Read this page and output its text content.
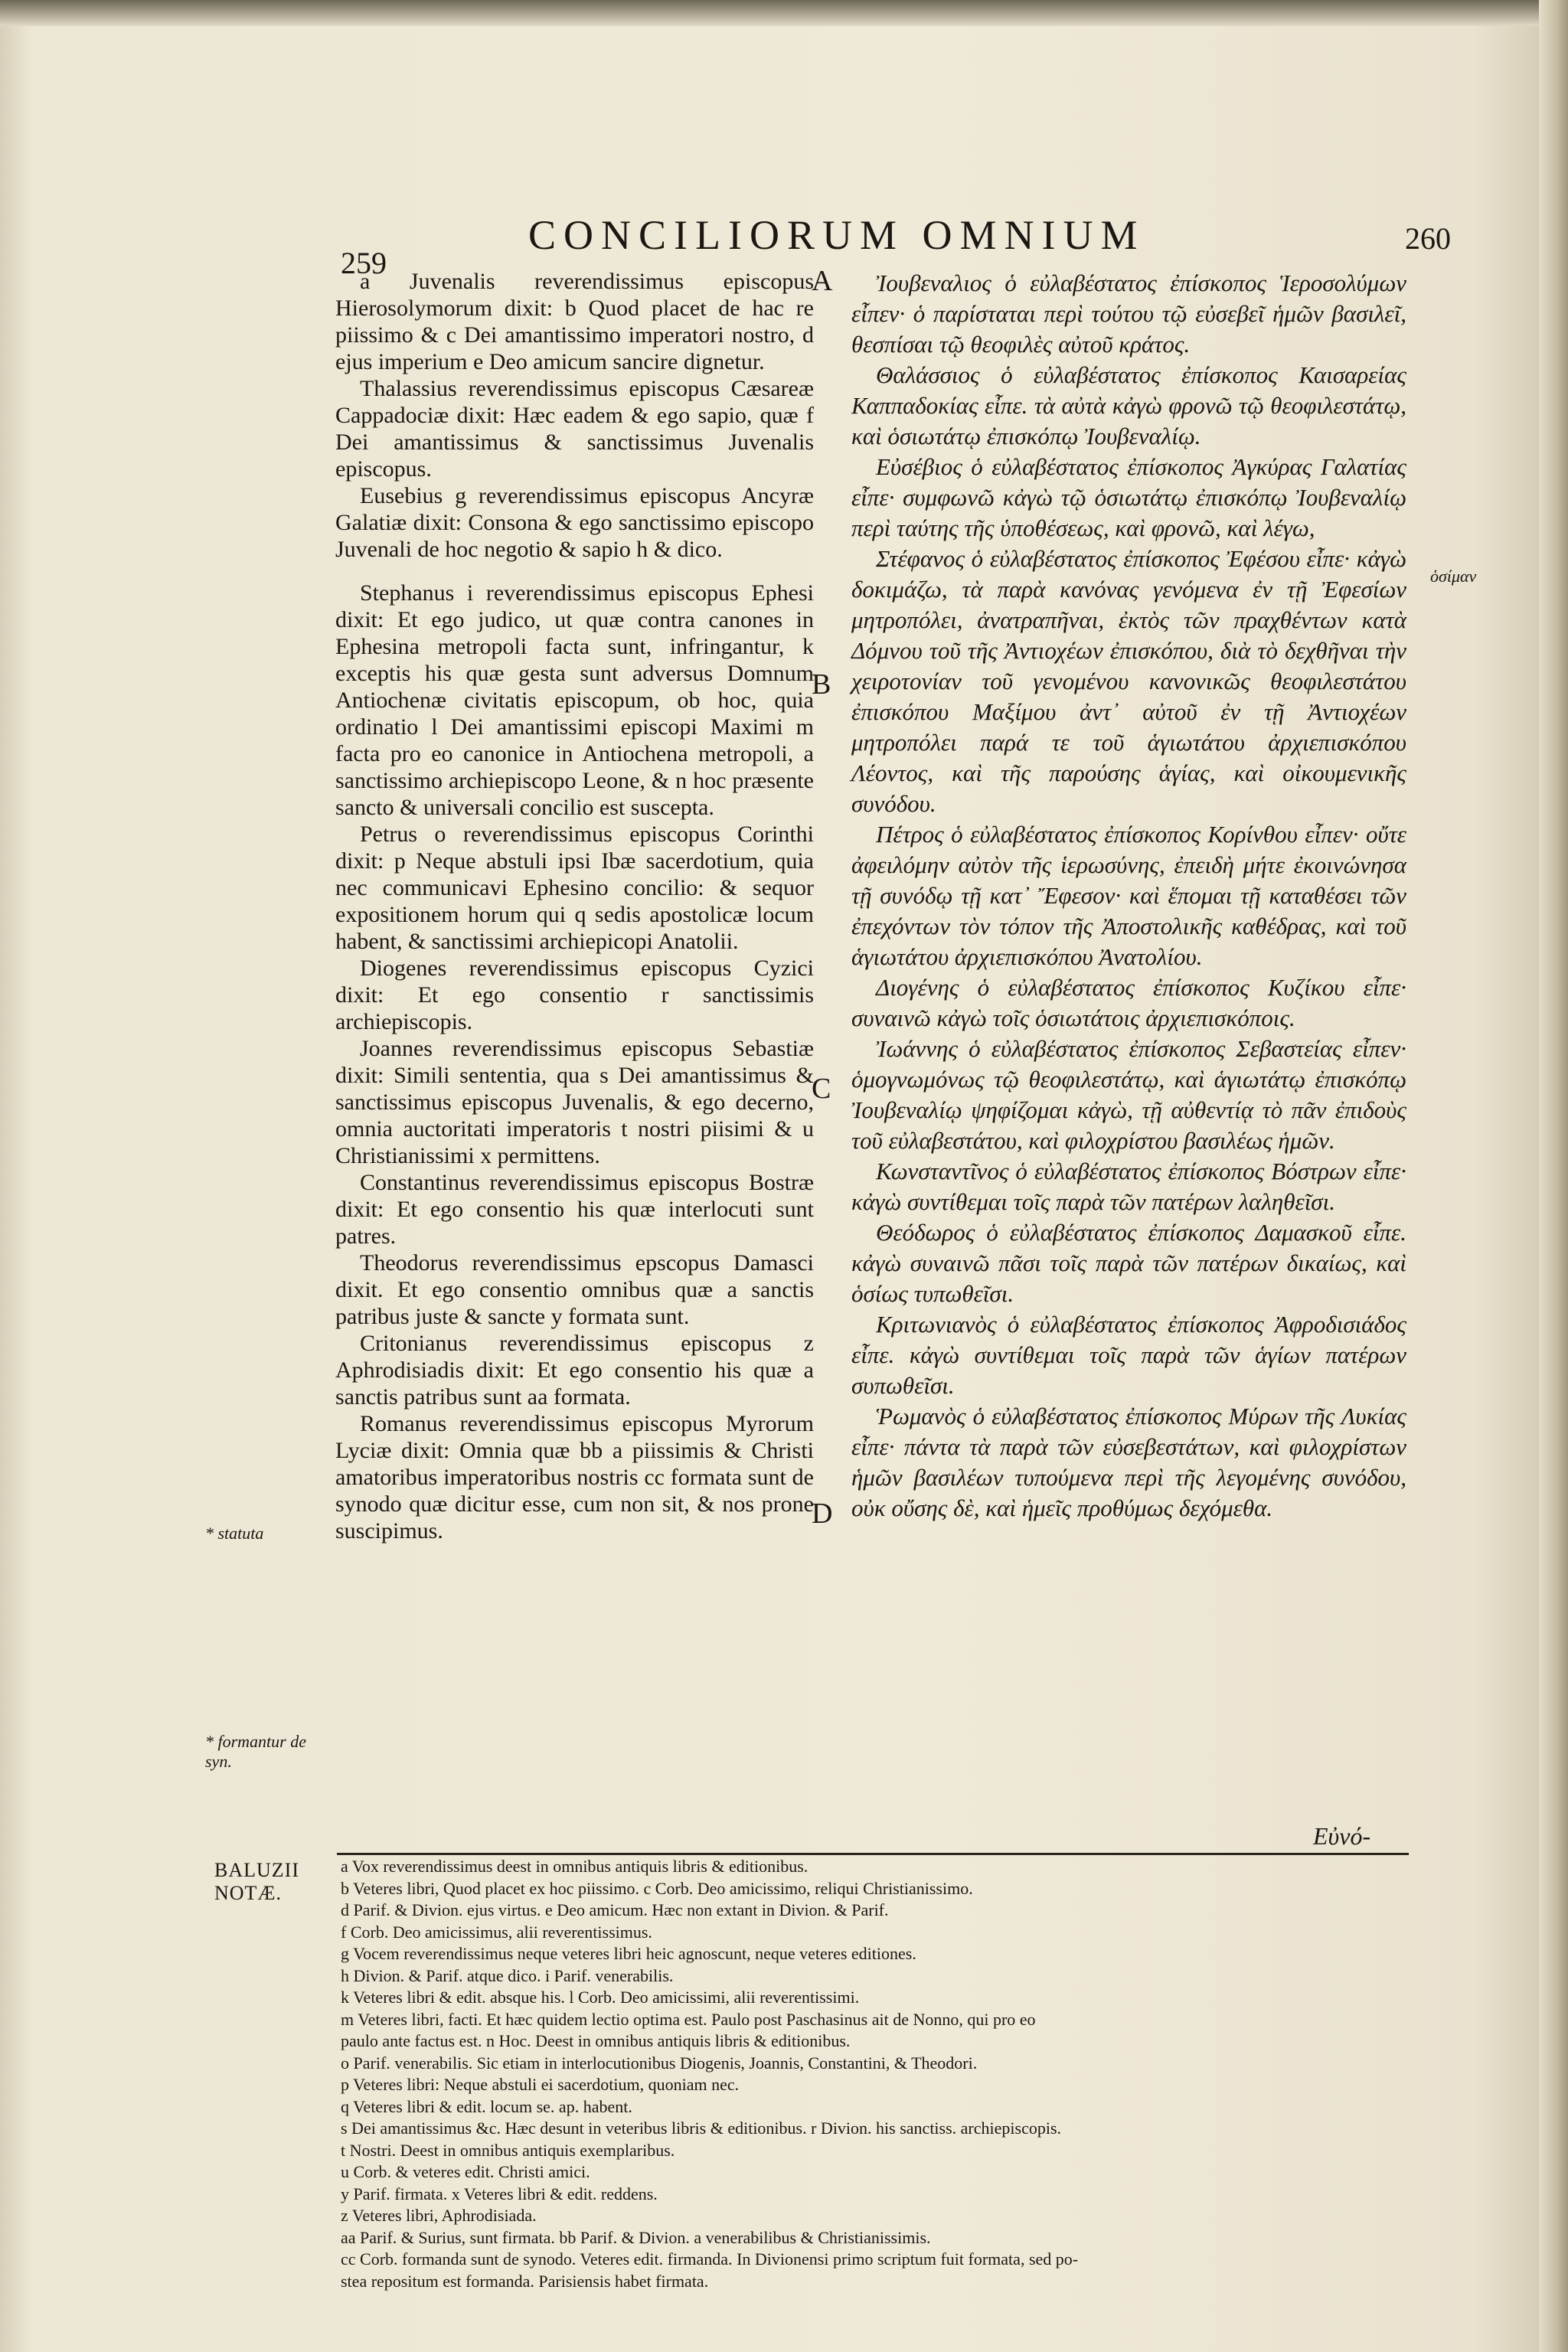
259
CONCILIORUM OMNIUM	260

a Juvenalis reverendissimus episcopus Hierosolymorum dixit: b Quod placet de hac re piissimo & c Dei amantissimo imperatori nostro, d ejus imperium e Deo amicum sancire dignetur.

Thalassius reverendissimus episcopus Cæsareæ Cappadociæ dixit: Hæc eadem & ego sapio, quæ f Dei amantissimus & sanctissimus Juvenalis episcopus.

Eusebius g reverendissimus episcopus Ancyræ Galatiæ dixit: Consona & ego sanctissimo episcopo Juvenali de hoc negotio & sapio h & dico.

Stephanus i reverendissimus episcopus Ephesi dixit: Et ego judico, ut quæ contra canones in Ephesina metropoli facta sunt, infringantur, k exceptis his quæ gesta sunt adversus Domnum Antiochenæ civitatis episcopum, ob hoc, quia ordinatio l Dei amantissimi episcopi Maximi m facta pro eo canonice in Antiochena metropoli, a sanctissimo archiepiscopo Leone, & n hoc præsente sancto & universali concilio est suscepta.

Petrus o reverendissimus episcopus Corinthi dixit: p Neque abstuli ipsi Ibæ sacerdotium, quia nec communicavi Ephesino concilio: & sequor expositionem horum qui q sedis apostolicæ locum habent, & sanctissimi archiepicopi Anatolii.

Diogenes reverendissimus episcopus Cyzici dixit: Et ego consentio r sanctissimis archiepiscopis.

Joannes reverendissimus episcopus Sebastiæ dixit: Simili sententia, qua s Dei amantissimus & sanctissimus episcopus Juvenalis, & ego decerno, omnia auctoritati imperatoris t nostri piisimi & u Christianissimi x permittens.

Constantinus reverendissimus episcopus Bostræ dixit: Et ego consentio his quæ interlocuti sunt patres.

Theodorus reverendissimus epscopus Damasci dixit. Et ego consentio omnibus quæ a sanctis patribus juste & sancte y formata sunt.

Critonianus reverendissimus episcopus z Aphrodisiadis dixit: Et ego consentio his quæ a sanctis patribus sunt aa formata.

Romanus reverendissimus episcopus Myrorum Lyciæ dixit: Omnia quæ bb a piissimis & Christi amatoribus imperatoribus nostris cc formata sunt de synodo quæ dicitur esse, cum non sit, & nos prone suscipimus.

Ἰουβεναλιος ὁ εὐλαβέστατος ἐπίσκοπος Ἱεροσολύμων εἶπεν· ὁ παρίσταται περὶ τούτου τῷ εὐσεβεῖ ἡμῶν βασιλεῖ, θεσπίσαι τῷ θεοφιλὲς αὐτοῦ κράτος.

Θαλάσσιος ὁ εὐλαβέστατος ἐπίσκοπος Καισαρείας Καππαδοκίας εἶπε. τὰ αὐτὰ κἀγὼ φρονῶ τῷ θεοφιλεστάτῳ, καὶ ὁσιωτάτῳ ἐπισκόπῳ Ἰουβεναλίῳ.

Εὐσέβιος ὁ εὐλαβέστατος ἐπίσκοπος Ἀγκύρας Γαλατίας εἶπε· συμφωνῶ κἀγὼ τῷ ὁσιωτάτῳ ἐπισκόπῳ Ἰουβεναλίῳ περὶ ταύτης τῆς ὑποθέσεως, καὶ φρονῶ, καὶ λέγω,

Στέφανος ὁ εὐλαβέστατος ἐπίσκοπος Ἐφέσου εἶπε· κἀγὼ δοκιμάζω, τὰ παρὰ κανόνας γενόμενα ἐν τῇ Ἐφεσίων μητροπόλει, ἀνατραπῆναι, ἐκτὸς τῶν πραχθέντων κατὰ Δόμνου τοῦ τῆς Ἀντιοχέων ἐπισκόπου, διὰ τὸ δεχθῆναι τὴν χειροτονίαν τοῦ γενομένου κανονικῶς θεοφιλεστάτου ἐπισκόπου Μαξίμου ἀντ᾽ αὐτοῦ ἐν τῇ Ἀντιοχέων μητροπόλει παρά τε τοῦ ἁγιωτάτου ἀρχιεπισκόπου Λέοντος, καὶ τῆς παρούσης ἁγίας, καὶ οἰκουμενικῆς συνόδου.

Πέτρος ὁ εὐλαβέστατος ἐπίσκοπος Κορίνθου εἶπεν· οὔτε ἀφειλόμην αὐτὸν τῆς ἱερωσύνης, ἐπειδὴ μήτε ἐκοινώνησα τῇ συνόδῳ τῇ κατ᾽ Ἔφεσον· καὶ ἕπομαι τῇ καταθέσει τῶν ἐπεχόντων τὸν τόπον τῆς Ἀποστολικῆς καθέδρας, καὶ τοῦ ἁγιωτάτου ἀρχιεπισκόπου Ἀνατολίου.

Διογένης ὁ εὐλαβέστατος ἐπίσκοπος Κυζίκου εἶπε· συναινῶ κἀγὼ τοῖς ὁσιωτάτοις ἀρχιεπισκόποις.

Ἰωάννης ὁ εὐλαβέστατος ἐπίσκοπος Σεβαστείας εἶπεν· ὁμογνωμόνως τῷ θεοφιλεστάτῳ, καὶ ἁγιωτάτῳ ἐπισκόπῳ Ἰουβεναλίῳ ψηφίζομαι κἀγὼ, τῇ αὐθεντίᾳ τὸ πᾶν ἐπιδοὺς τοῦ εὐλαβεστάτου, καὶ φιλοχρίστου βασιλέως ἡμῶν.

Κωνσταντῖνος ὁ εὐλαβέστατος ἐπίσκοπος Βόστρων εἶπε· κἀγὼ συντίθεμαι τοῖς παρὰ τῶν πατέρων λαληθεῖσι.

Θεόδωρος ὁ εὐλαβέστατος ἐπίσκοπος Δαμασκοῦ εἶπε. κἀγὼ συναινῶ πᾶσι τοῖς παρὰ τῶν πατέρων δικαίως, καὶ ὁσίως τυπωθεῖσι.

Κριτωνιανὸς ὁ εὐλαβέστατος ἐπίσκοπος Ἀφροδισιάδος εἶπε. κἀγὼ συντίθεμαι τοῖς παρὰ τῶν ἁγίων πατέρων συπωθεῖσι.

Ῥωμανὸς ὁ εὐλαβέστατος ἐπίσκοπος Μύρων τῆς Λυκίας εἶπε· πάντα τὰ παρὰ τῶν εὐσεβεστάτων, καὶ φιλοχρίστων ἡμῶν βασιλέων τυπούμενα περὶ τῆς λεγομένης συνόδου, οὐκ οὔσης δὲ, καὶ ἡμεῖς προθύμως δεχόμεθα.

A
B
C
D
ὁσίμαν
* statuta
* formantur de syn.
Εὐνό-
BALUZII
NOTÆ.
a Vox reverendissimus deest in omnibus antiquis libris & editionibus.
b Veteres libri, Quod placet ex hoc piissimo. c Corb. Deo amicissimo, reliqui Christianissimo.
d Parif. & Divion. ejus virtus. e Deo amicum. Hæc non extant in Divion. & Parif.
f Corb. Deo amicissimus, alii reverentissimus.
g Vocem reverendissimus neque veteres libri heic agnoscunt, neque veteres editiones.
h Divion. & Parif. atque dico. i Parif. venerabilis.
k Veteres libri & edit. absque his. l Corb. Deo amicissimi, alii reverentissimi.
m Veteres libri, facti. Et hæc quidem lectio optima est. Paulo post Paschasinus ait de Nonno, qui pro eo
paulo ante factus est. n Hoc. Deest in omnibus antiquis libris & editionibus.
o Parif. venerabilis. Sic etiam in interlocutionibus Diogenis, Joannis, Constantini, & Theodori.
p Veteres libri: Neque abstuli ei sacerdotium, quoniam nec.
q Veteres libri & edit. locum se. ap. habent.
s Dei amantissimus &c. Hæc desunt in veteribus libris & editionibus. r Divion. his sanctiss. archiepiscopis.
t Nostri. Deest in omnibus antiquis exemplaribus.
u Corb. & veteres edit. Christi amici.
y Parif. firmata. x Veteres libri & edit. reddens.
z Veteres libri, Aphrodisiada.
aa Parif. & Surius, sunt firmata. bb Parif. & Divion. a venerabilibus & Christianissimis.
cc Corb. formanda sunt de synodo. Veteres edit. firmanda. In Divionensi primo scriptum fuit formata, sed po-
stea repositum est formanda. Parisiensis habet firmata.
